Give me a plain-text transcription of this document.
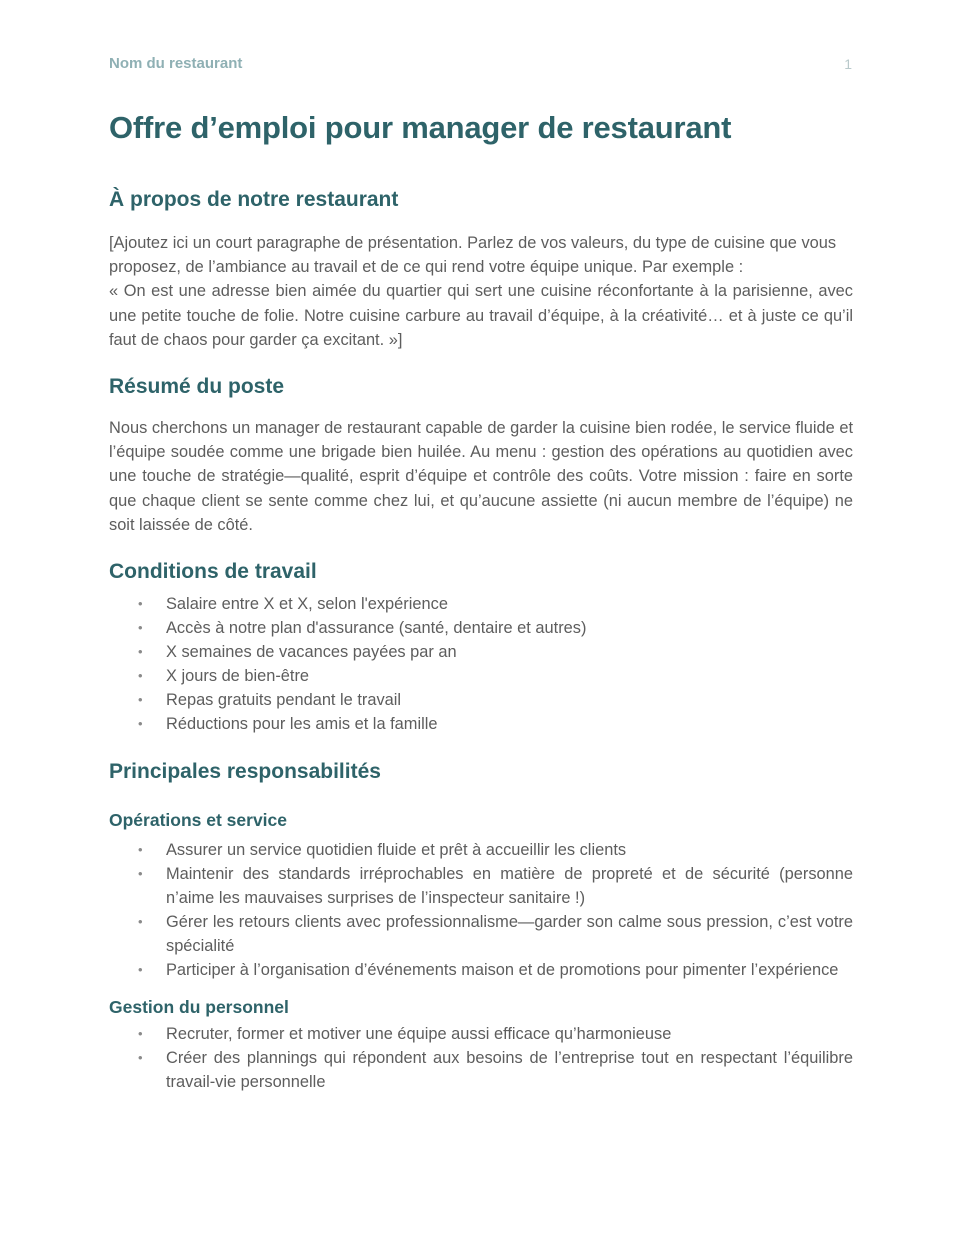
Nom du restaurant	1
Offre d’emploi pour manager de restaurant
À propos de notre restaurant

[Ajoutez ici un court paragraphe de présentation. Parlez de vos valeurs, du type de cuisine que vous proposez, de l’ambiance au travail et de ce qui rend votre équipe unique. Par exemple :

« On est une adresse bien aimée du quartier qui sert une cuisine réconfortante à la parisienne, avec une petite touche de folie. Notre cuisine carbure au travail d’équipe, à la créativité… et à juste ce qu’il faut de chaos pour garder ça excitant. »]

Résumé du poste

Nous cherchons un manager de restaurant capable de garder la cuisine bien rodée, le service fluide et l’équipe soudée comme une brigade bien huilée. Au menu : gestion des opérations au quotidien avec une touche de stratégie—qualité, esprit d’équipe et contrôle des coûts. Votre mission : faire en sorte que chaque client se sente comme chez lui, et qu’aucune assiette (ni aucun membre de l’équipe) ne soit laissée de côté.

Conditions de travail
• Salaire entre X et X, selon l'expérience
• Accès à notre plan d'assurance (santé, dentaire et autres)
• X semaines de vacances payées par an
• X jours de bien-être
• Repas gratuits pendant le travail
• Réductions pour les amis et la famille
Principales responsabilités
Opérations et service
• Assurer un service quotidien fluide et prêt à accueillir les clients
• Maintenir des standards irréprochables en matière de propreté et de sécurité (personne n’aime les mauvaises surprises de l’inspecteur sanitaire !)
• Gérer les retours clients avec professionnalisme—garder son calme sous pression, c’est votre spécialité
• Participer à l’organisation d’événements maison et de promotions pour pimenter l’expérience
Gestion du personnel
• Recruter, former et motiver une équipe aussi efficace qu’harmonieuse
• Créer des plannings qui répondent aux besoins de l’entreprise tout en respectant l’équilibre travail-vie personnelle
